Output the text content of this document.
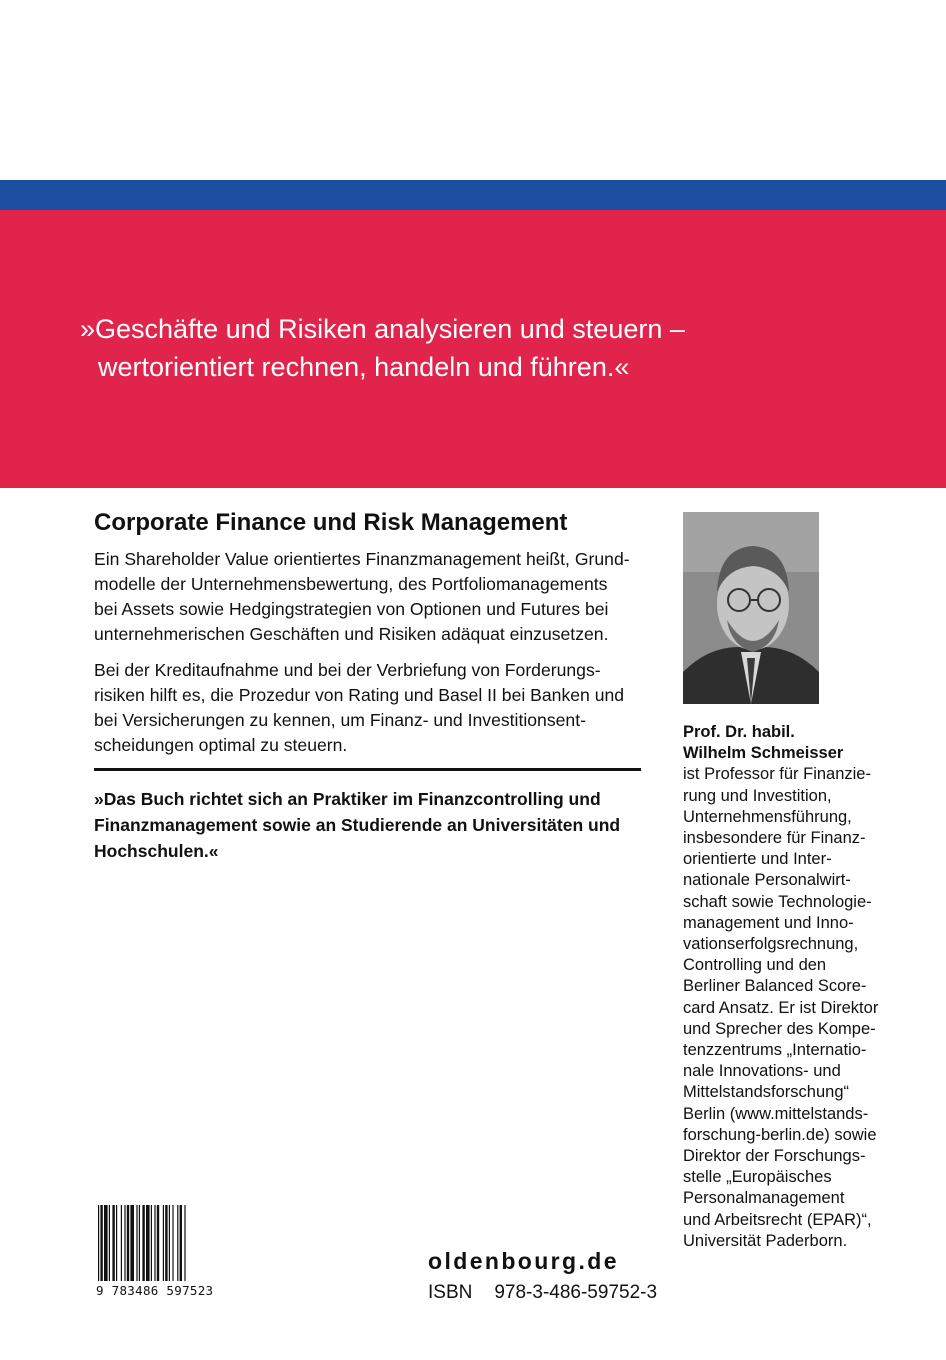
»Geschäfte und Risiken analysieren und steuern –
wertorientiert rechnen, handeln und führen.«

Corporate Finance und Risk Management

Ein Shareholder Value orientiertes Finanzmanagement heißt, Grund-
modelle der Unternehmensbewertung, des Portfoliomanagements
bei Assets sowie Hedgingstrategien von Optionen und Futures bei
unternehmerischen Geschäften und Risiken adäquat einzusetzen.

Bei der Kreditaufnahme und bei der Verbriefung von Forderungs-
risiken hilft es, die Prozedur von Rating und Basel II bei Banken und
bei Versicherungen zu kennen, um Finanz- und Investitionsent-
scheidungen optimal zu steuern.

»Das Buch richtet sich an Praktiker im Finanzcontrolling und
Finanzmanagement sowie an Studierende an Universitäten und
Hochschulen.«

Prof. Dr. habil.
Wilhelm Schmeisser
ist Professor für Finanzie-
rung und Investition,
Unternehmensführung,
insbesondere für Finanz-
orientierte und Inter-
nationale Personalwirt-
schaft sowie Technologie-
management und Inno-
vationserfolgsrechnung,
Controlling und den
Berliner Balanced Score-
card Ansatz. Er ist Direktor
und Sprecher des Kompe-
tenzzentrums „Internatio-
nale Innovations- und
Mittelstandsforschung“
Berlin (www.mittelstands-
forschung-berlin.de) sowie
Direktor der Forschungs-
stelle „Europäisches
Personalmanagement
und Arbeitsrecht (EPAR)“,
Universität Paderborn.

9 783486 597523

oldenbourg.de

ISBN 978-3-486-59752-3
